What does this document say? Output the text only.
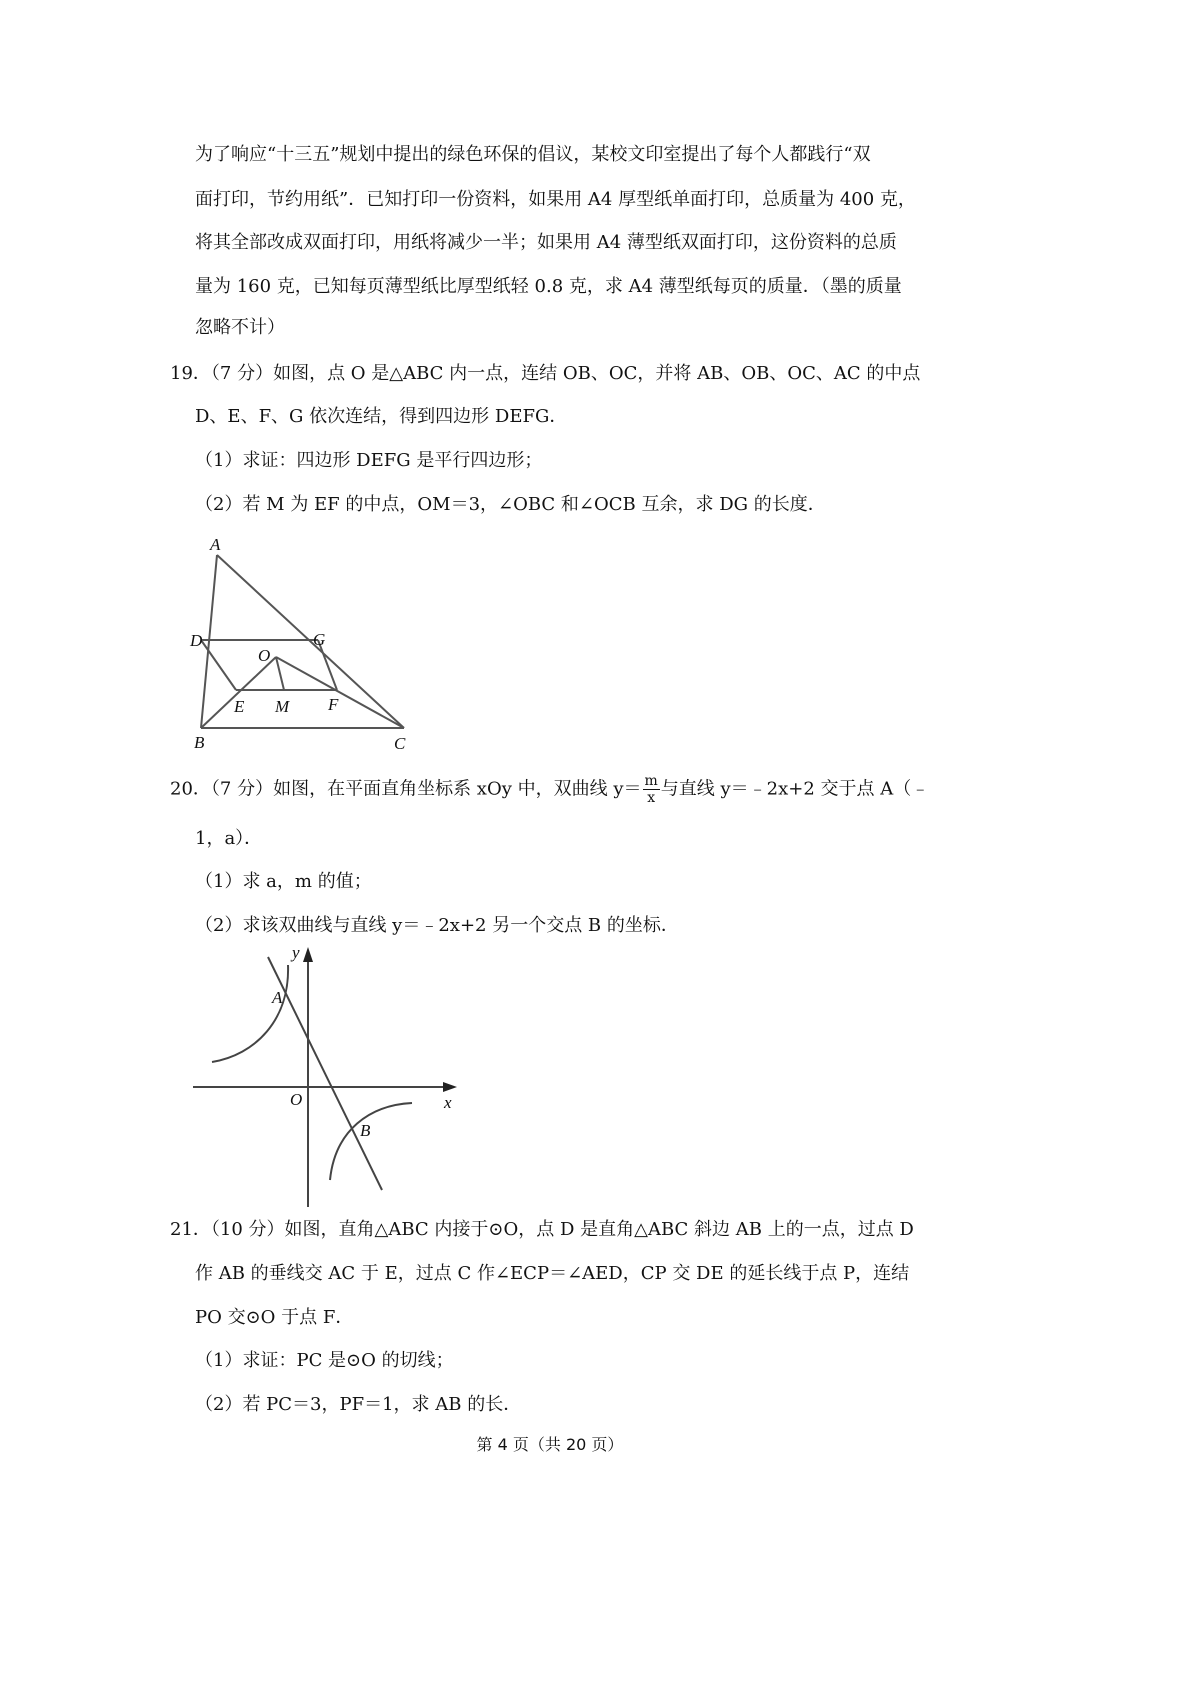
为了响应“十三五”规划中提出的绿色环保的倡议，某校文印室提出了每个人都践行“双
面打印，节约用纸”．已知打印一份资料，如果用 A4 厚型纸单面打印，总质量为 400 克，
将其全部改成双面打印，用纸将减少一半；如果用 A4 薄型纸双面打印，这份资料的总质
量为 160 克，已知每页薄型纸比厚型纸轻 0.8 克，求 A4 薄型纸每页的质量．（墨的质量
忽略不计）
19．（7 分）如图，点 O 是△ABC 内一点，连结 OB、OC，并将 AB、OB、OC、AC 的中点
D、E、F、G 依次连结，得到四边形 DEFG．
（1）求证：四边形 DEFG 是平行四边形；
（2）若 M 为 EF 的中点，OM＝3，∠OBC 和∠OCB 互余，求 DG 的长度．
A
D	G
O
E M F
B	C
20．（7 分）如图，在平面直角坐标系 xOy 中，双曲线 $y= \frac{m}{x}$ 与直线 y＝﹣2x+2 交于点 A（﹣
1，a）．
（1）求 a，m 的值；
（2）求该双曲线与直线 y＝﹣2x+2 另一个交点 B 的坐标．
y
x
O
A
B
21．（10 分）如图，直角△ABC 内接于⊙O，点 D 是直角△ABC 斜边 AB 上的一点，过点 D
作 AB 的垂线交 AC 于 E，过点 C 作∠ECP＝∠AED，CP 交 DE 的延长线于点 P，连结
PO 交⊙O 于点 F．
（1）求证：PC 是⊙O 的切线；
（2）若 PC＝3，PF＝1，求 AB 的长．
第 4 页（共 20 页）
